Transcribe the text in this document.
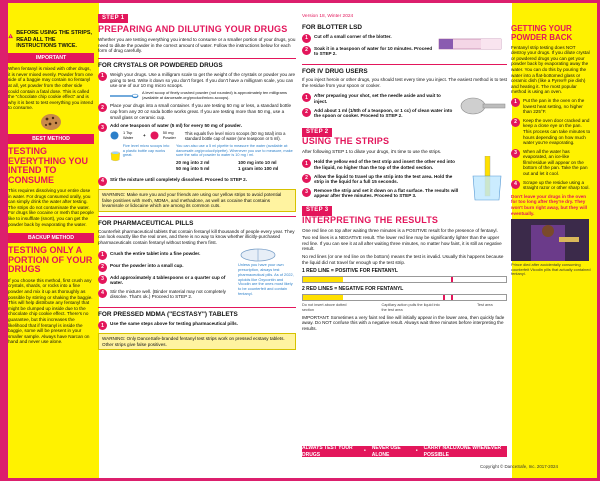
!
BEFORE USING THE STRIPS, READ ALL THE INSTRUCTIONS TWICE.
IMPORTANT
When fentanyl is mixed with other drugs, it is never mixed evenly. Powder from one side of a baggie may contain no fentanyl at all, yet powder from the other side could contain a fatal dose. This is called the "chocolate chip cookie effect" and is why it is best to test everything you intend to consume.
BEST METHOD
TESTING EVERYTHING YOU INTEND TO CONSUME
This requires dissolving your entire dose in water. For drugs consumed orally, you can simply drink the water after testing. The strips do not contaminate the water. For drugs like cocaine or meth that people like to insufflate (snort), you can get the powder back by evaporating the water.
BACKUP METHOD
TESTING ONLY A PORTION OF YOUR DRUGS
If you choose this method, first crush any crystals, shards, or rocks into a fine powder and mix it up as thoroughly as possible by stirring or shaking the baggie. This will help distribute any fentanyl that might be clumped up inside due to the chocolate chip cookie effect. There's no guarantee, but this increases the likelihood that if fentanyl is inside the baggie, some will be present in your smaller sample. Always have Narcan on hand and never use alone.
STEP 1
PREPARING AND DILUTING YOUR DRUGS
Whether you are testing everything you intend to consume or a smaller portion of your drugs, you need to dilute the powder in the correct amount of water. Follow the instructions below for each form of drug carefully.
FOR CRYSTALS OR POWDERED DRUGS
1	Weigh your drugs. Use a milligram scale to get the weight of the crystals or powder you are going to test. Write it down so you don't forget. If you don't have a milligram scale, you can use one of our 10 mg micro scoops.
A level scoop of finely crushed powder (not rounded) is approximately ten milligrams (available at dancesafe.org/product/micro-scoops).
2	Place your drugs into a small container. If you are testing 50 mg or less, a standard bottle cap from any 20 oz soda bottle works great. If you are testing more than 50 mg, use a small glass or ceramic cup.
3	Add one teaspoon of water (5 ml) for every 50 mg of powder.
1 Tsp Water	+
50 mg Powder
This equals five level micro scoops (50 mg total) into a standard bottle cap of water (one teaspoon or 5 ml).
Five level micro scoops into a plastic bottle cap works great.
You can also use a 5 ml pipette to measure the water (available at: dancesafe.org/product/pipette). Whenever you use to measure, make sure the ratio of powder to water is 10 mg / ml.
20 mg into 2 ml	100 mg into 10 ml
50 mg into 5 ml	1 gram into 100 ml
4	Stir the mixture until completely dissolved. Proceed to STEP 2.
WARNING: Make sure you and your friends are using our yellow strips to avoid potential false positives with meth, MDMA, and methadone, as well as cocaine that contains levamisole or lidocaine which are among its common cuts.
FOR PHARMACEUTICAL PILLS
Counterfeit pharmaceutical tablets that contain fentanyl kill thousands of people every year. They can look exactly like the real ones, and there is no way to know whether illicitly-purchased pharmaceuticals contain fentanyl without testing them first.
1	Crush the entire tablet into a fine powder.
2	Pour the powder into a small cup.
3	Add approximately 4 tablespoons or a quarter cup of water.
4	Stir the mixture well. (Binder material may not completely dissolve. That's ok.) Proceed to STEP 2.
Unless you have your own prescription, always test pharmaceutical pills. As of 2022, opioids like Oxycontin and Vicodin are the ones most likely to be counterfeit and contain fentanyl.
FOR PRESSED MDMA ("ECSTASY") TABLETS
1	Use the same steps above for testing pharmaceutical pills.
WARNING: Only DanceSafe-branded fentanyl test strips work on pressed ecstasy tablets. Other strips give false positives.
Version 18, Winter 2024
FOR BLOTTER LSD
1	Cut off a small corner of the blotter.
2	Soak it in a teaspoon of water for 10 minutes. Proceed to STEP 2.
FOR IV DRUG USERS
If you inject heroin or other drugs, you should test every time you inject. The easiest method is to test the residue from your spoon or cooker.
1	After preparing your shot, set the needle aside and wait to inject.
2	Add about 1 ml (1/5th of a teaspoon, or 1 cc) of clean water into the spoon or cooker. Proceed to STEP 2.
STEP 2
USING THE STRIPS
After following STEP 1 to dilute your drugs, it's time to use the strips.
1	Hold the yellow end of the test strip and insert the other end into the liquid, no higher than the top of the dotted section.
2	Allow the liquid to travel up the strip into the test area. Hold the strip in the liquid for a full 15 seconds.
3	Remove the strip and set it down on a flat surface. The results will appear after three minutes. Proceed to STEP 3.
STEP 3
INTERPRETING THE RESULTS
One red line on top after waiting three minutes is a POSITIVE result for the presence of fentanyl.
Two red lines is a NEGATIVE result. The lower red line may be significantly lighter than the upper red line. If you can see it at all after waiting three minutes, no matter how faint, it is still as negative result.
No red lines (or one red line on the bottom) means the test is invalid. Usually this happens because the liquid did not travel far enough up the test strip.
1 RED LINE = POSITIVE FOR FENTANYL
2 RED LINES = NEGATIVE FOR FENTANYL
Do not insert above dotted section
Capillary action pulls the liquid into the test area
Test area
IMPORTANT: Sometimes a very faint red line will initially appear in the lower area, then quickly fade away. Do NOT confuse this with a negative result. Always wait three minutes before interpreting the results.
GETTING YOUR POWDER BACK
Fentanyl strip testing does NOT destroy your drugs. If you dilute crystal or powdered drugs you can get your powder back by evaporating away the water. You can do this by pouring the water into a flat-bottomed glass or ceramic dish (like a Pyrex® pie dish) and heating it. The most popular method is using an oven.
1	Put the pan in the oven on the lowest heat setting, no higher than 225°F.
2	Keep the oven door cracked and keep a close eye on the pan. This process can take minutes to hours depending on how much water you're evaporating.
3	When all the water has evaporated, an ice-like film/residue will appear on the bottom of the pan. Take the pan out and let it cool.
4	Scrape up the residue using a straight razor or other sharp tool.
Don't leave your drugs in the oven for too long after they're dry. They won't burn right away, but they will eventually.
Prince died after accidentally consuming counterfeit Vicodin pills that actually contained fentanyl.
ALWAYS TEST YOUR DRUGS
•
NEVER USE ALONE
•
CARRY NALOXONE WHENEVER POSSIBLE
Copyright © DanceSafe, Inc. 2017-2024
